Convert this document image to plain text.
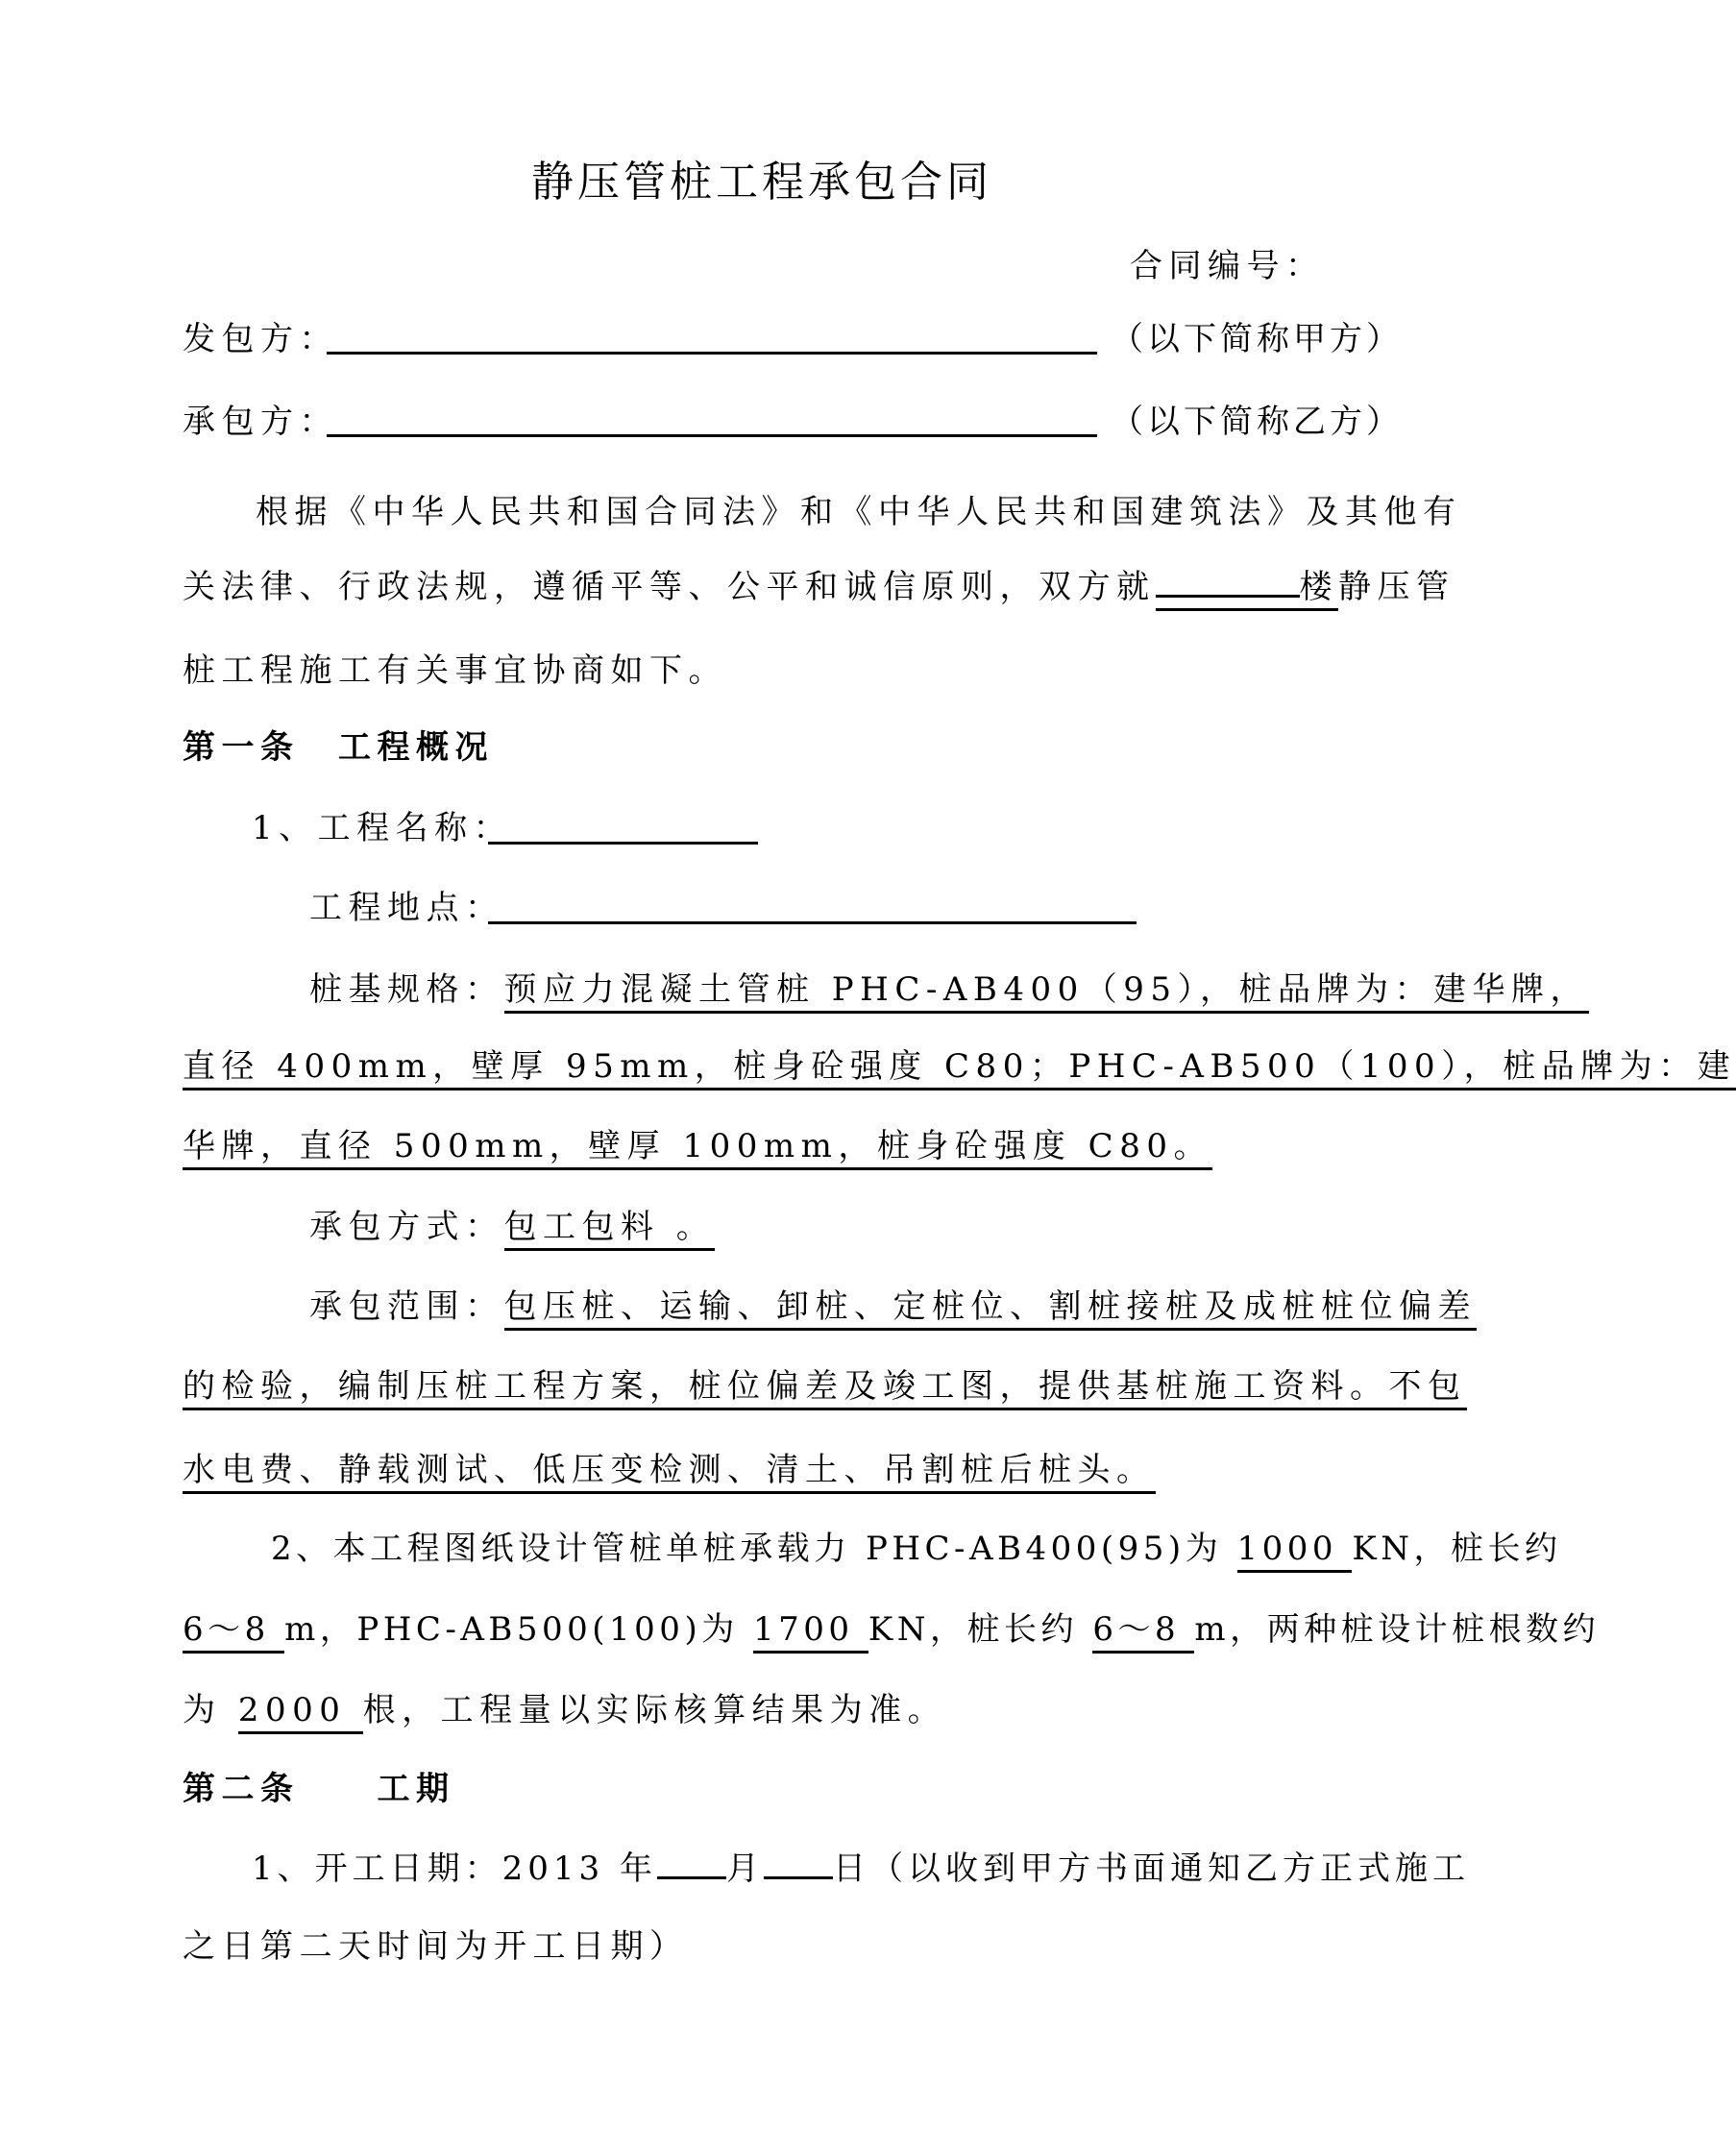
静压管桩工程承包合同
合同编号：
发包方：	（以下简称甲方）
承包方：	（以下简称乙方）
根据《中华人民共和国合同法》和《中华人民共和国建筑法》及其他有
关法律、行政法规，遵循平等、公平和诚信原则，双方就	楼静压管
桩工程施工有关事宜协商如下。
第一条　工程概况
1、工程名称：
工程地点：
桩基规格：预应力混凝土管桩 PHC-AB400（95），桩品牌为：建华牌，
直径 400mm，壁厚 95mm，桩身砼强度 C80；PHC-AB500（100），桩品牌为：建
华牌，直径 500mm，壁厚 100mm，桩身砼强度 C80。
承包方式：包工包料 。
承包范围：包压桩、运输、卸桩、定桩位、割桩接桩及成桩桩位偏差
的检验，编制压桩工程方案，桩位偏差及竣工图，提供基桩施工资料。不包
水电费、静载测试、低压变检测、清土、吊割桩后桩头。
2、本工程图纸设计管桩单桩承载力 PHC-AB400(95)为 1000 KN，桩长约
6～8 m，PHC-AB500(100)为 1700 KN，桩长约 6～8 m，两种桩设计桩根数约
为 2000 根，工程量以实际核算结果为准。
第二条　　工期
1、开工日期：2013 年 月 日（以收到甲方书面通知乙方正式施工
之日第二天时间为开工日期）
